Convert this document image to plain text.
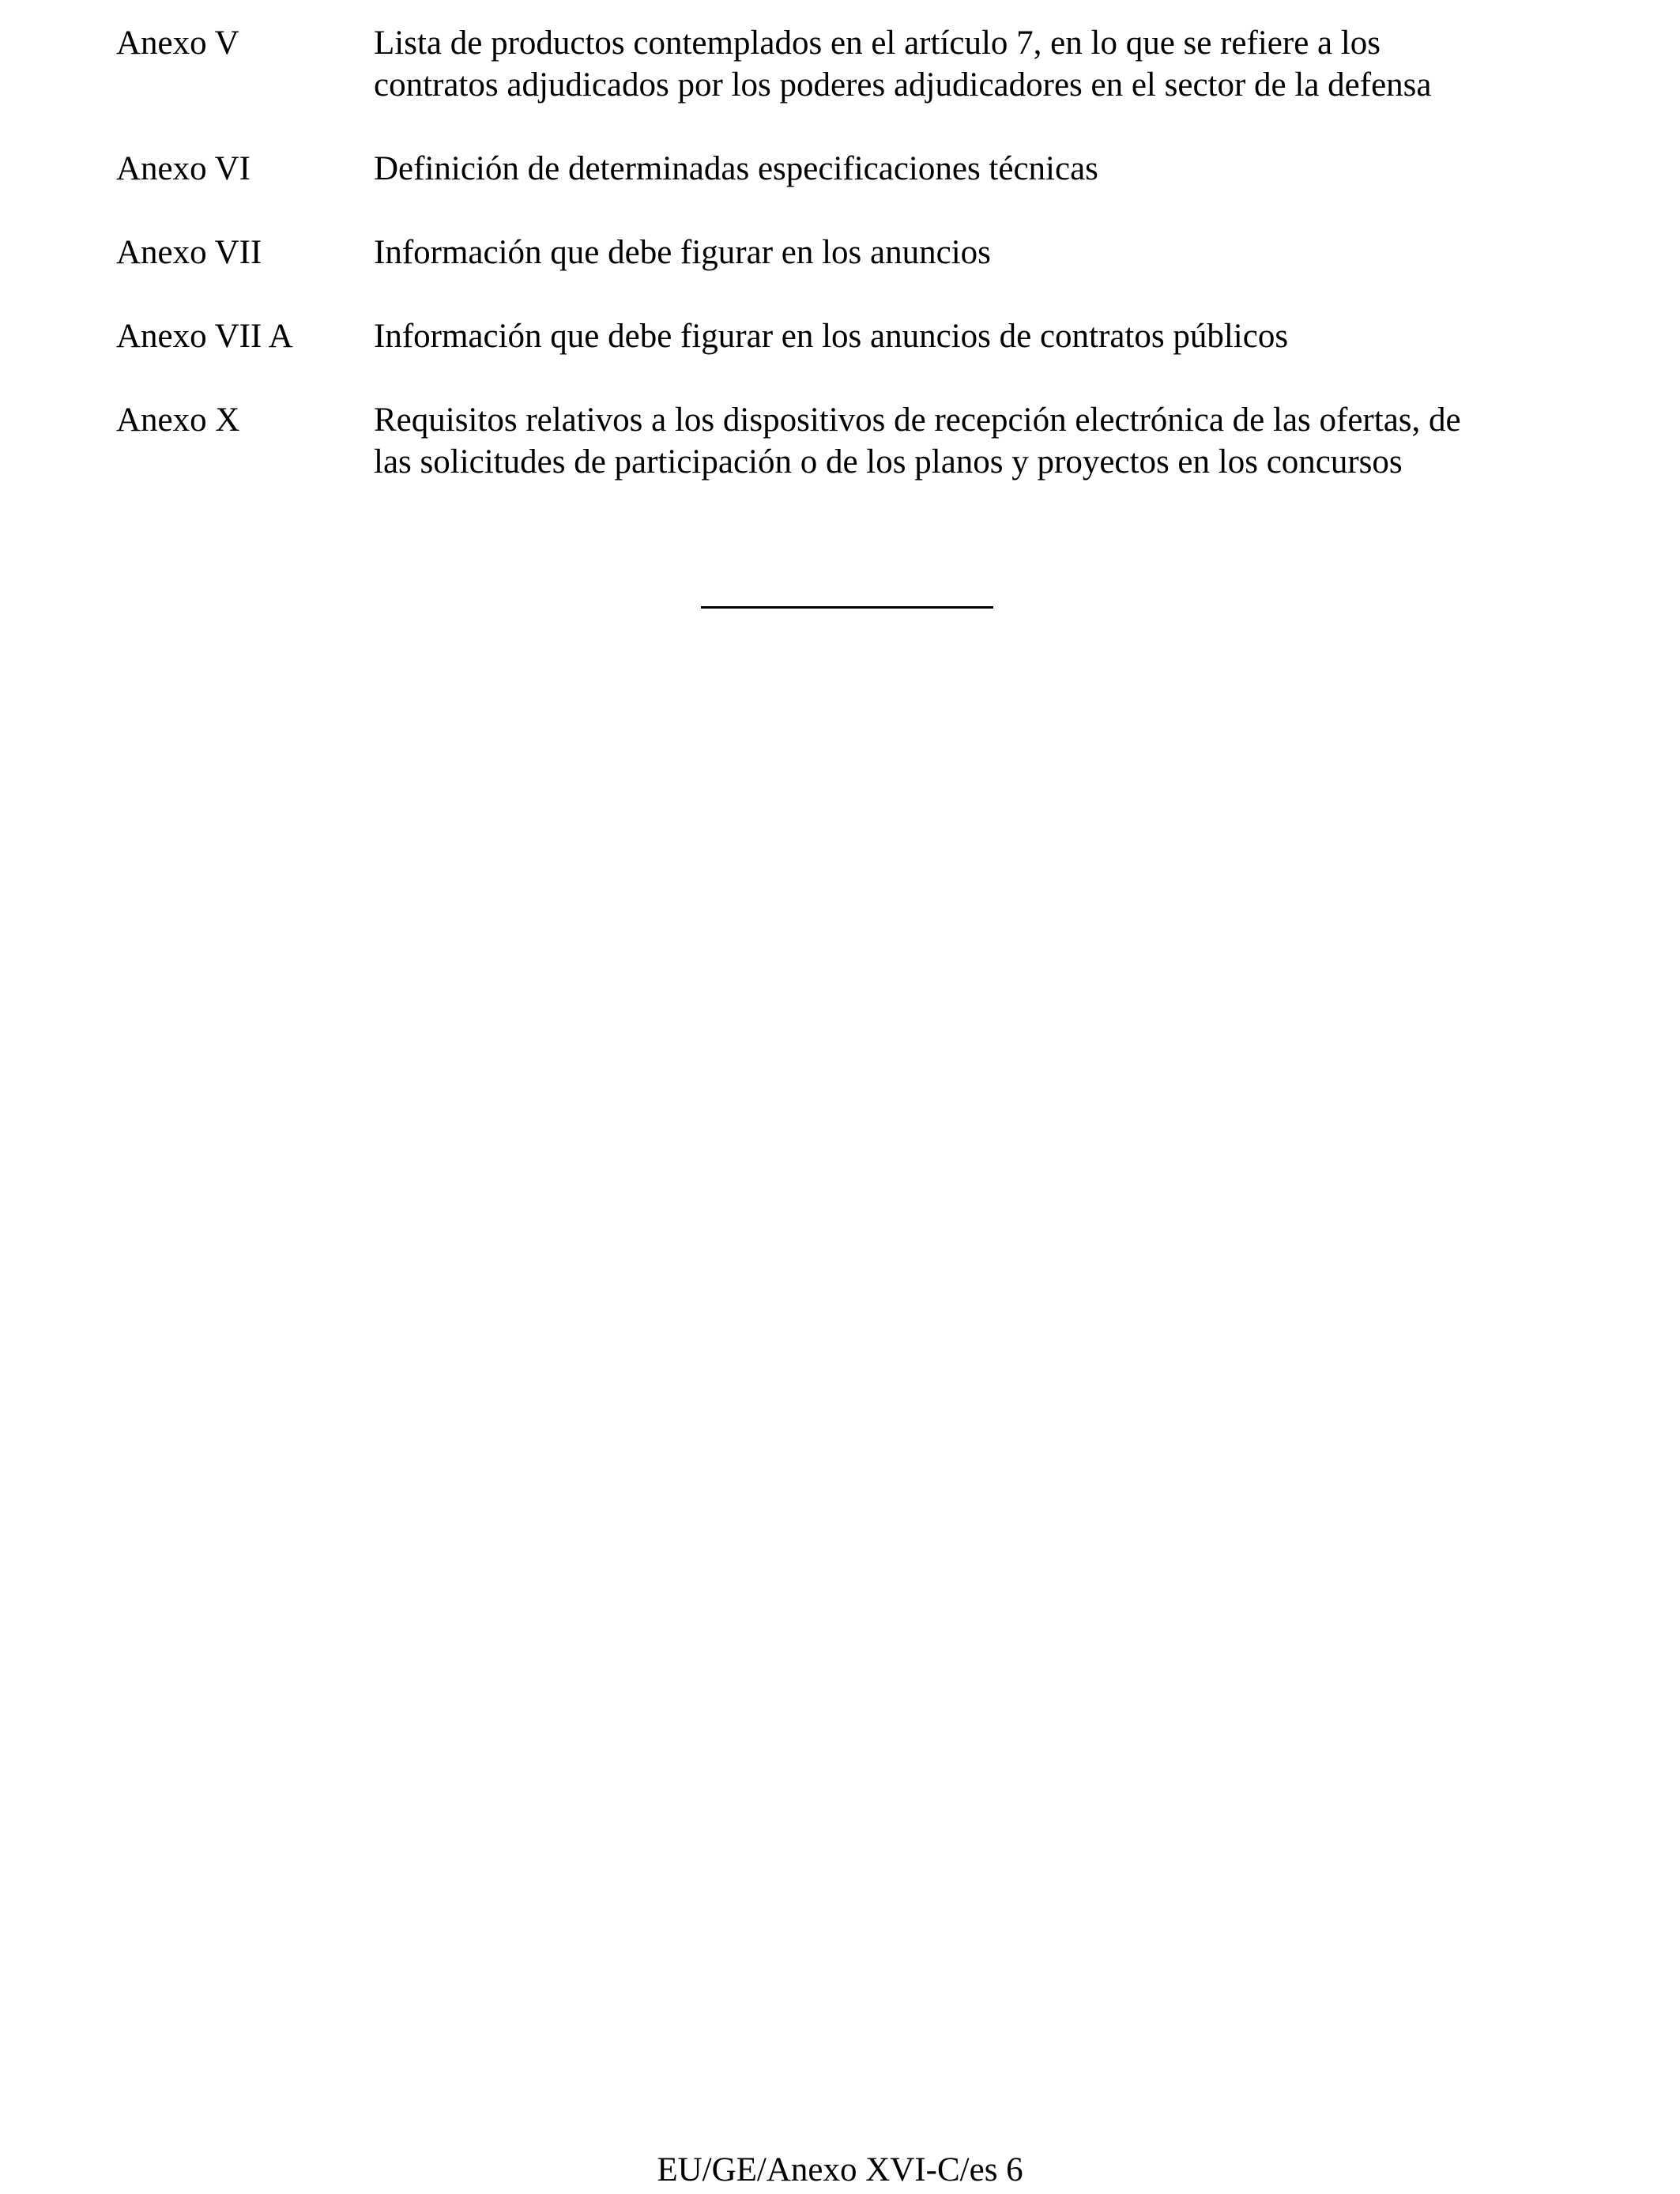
Anexo V	Lista de productos contemplados en el artículo 7, en lo que se refiere a los
contratos adjudicados por los poderes adjudicadores en el sector de la defensa
Anexo VI	Definición de determinadas especificaciones técnicas
Anexo VII	Información que debe figurar en los anuncios
Anexo VII A	Información que debe figurar en los anuncios de contratos públicos
Anexo X	Requisitos relativos a los dispositivos de recepción electrónica de las ofertas, de
las solicitudes de participación o de los planos y proyectos en los concursos
EU/GE/Anexo XVI-C/es 6
